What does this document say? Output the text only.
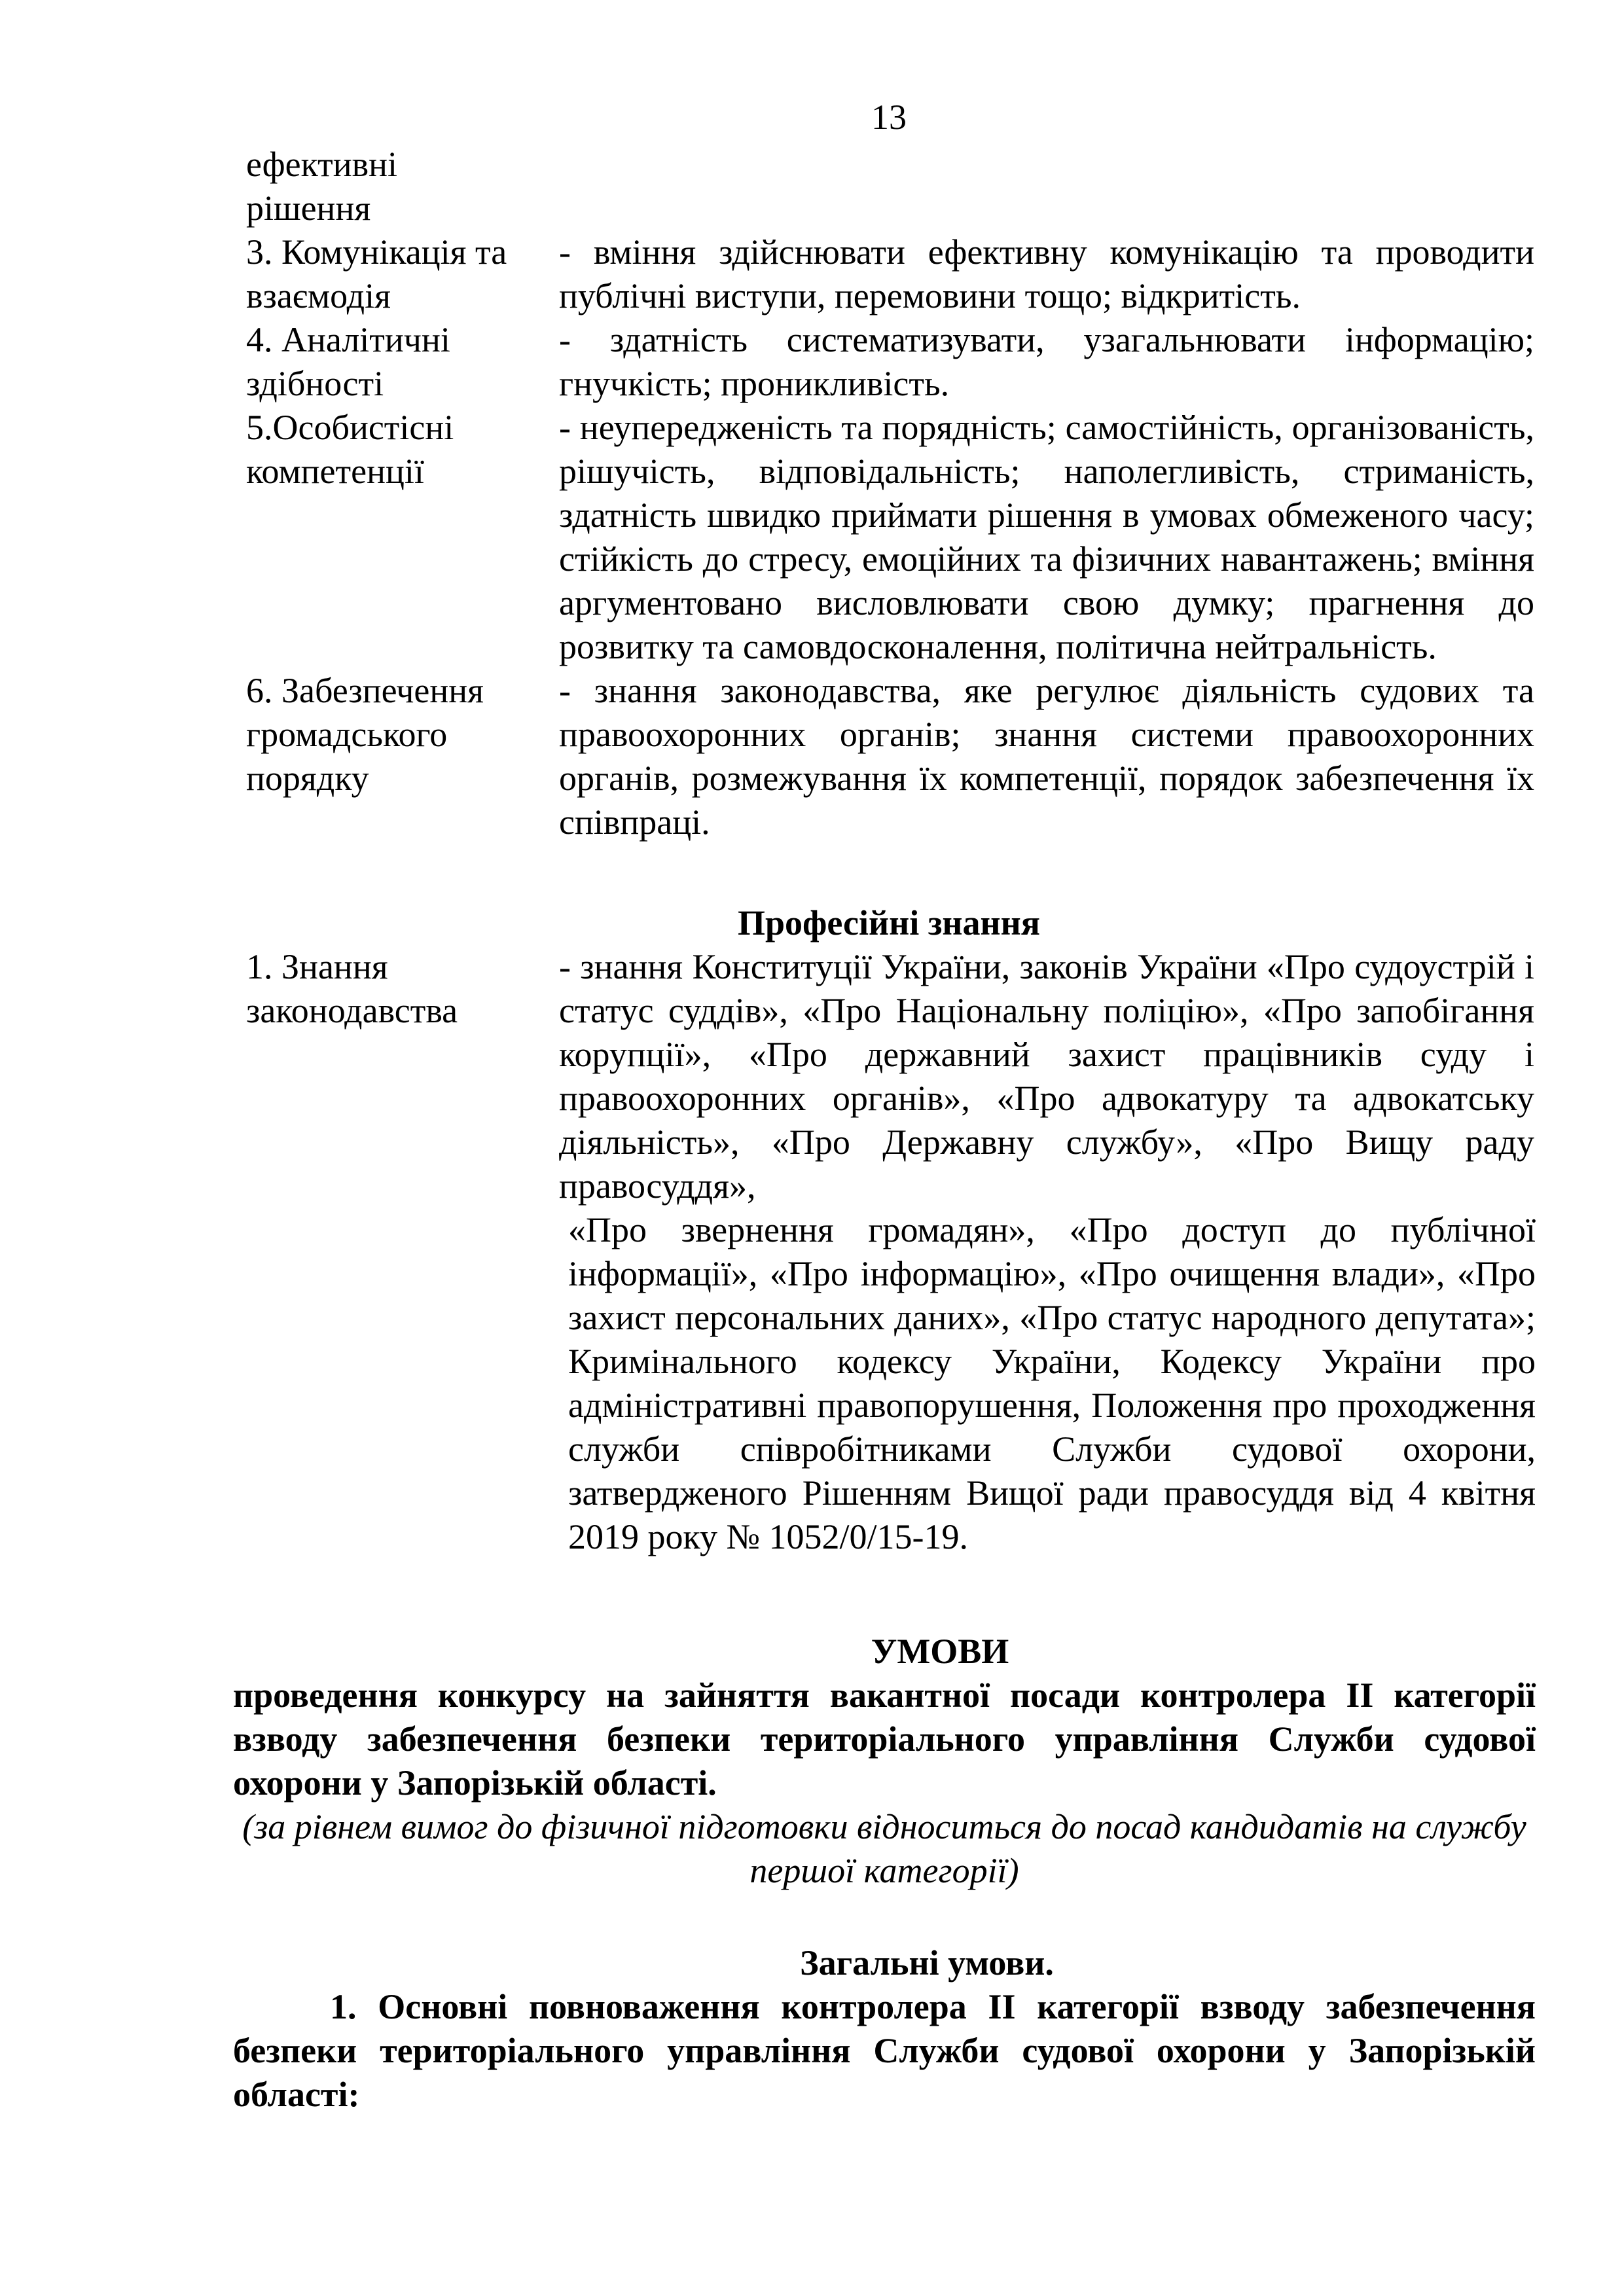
13
ефективні
рішення
3. Комунікація та
взаємодія
- вміння здійснювати ефективну комунікацію та проводити публічні виступи, перемовини тощо; відкритість.
4. Аналітичні
здібності
- здатність систематизувати, узагальнювати інформацію; гнучкість; проникливість.
5.Особистісні
компетенції
- неупередженість та порядність; самостійність, організованість, рішучість, відповідальність; наполегливість, стриманість, здатність швидко приймати рішення в умовах обмеженого часу; стійкість до стресу, емоційних та фізичних навантажень; вміння аргументовано висловлювати свою думку; прагнення до розвитку та самовдосконалення, політична нейтральність.
6. Забезпечення
громадського
порядку
- знання законодавства, яке регулює діяльність судових та правоохоронних органів; знання системи правоохоронних органів, розмежування їх компетенції, порядок забезпечення їх співпраці.
Професійні знання
1. Знання
законодавства
- знання Конституції України, законів України «Про судоустрій і статус суддів», «Про Національну поліцію», «Про запобігання корупції», «Про державний захист працівників суду і правоохоронних органів», «Про адвокатуру та адвокатську діяльність», «Про Державну службу», «Про Вищу раду правосуддя»,
«Про звернення громадян», «Про доступ до публічної інформації», «Про інформацію», «Про очищення влади», «Про захист персональних даних», «Про статус народного депутата»; Кримінального кодексу України, Кодексу України про адміністративні правопорушення, Положення про проходження служби співробітниками Служби судової охорони, затвердженого Рішенням Вищої ради правосуддя від 4 квітня 2019 року № 1052/0/15-19.
УМОВИ
проведення конкурсу на зайняття вакантної посади контролера ІІ категорії взводу забезпечення безпеки територіального управління Служби судової охорони у Запорізькій області.
(за рівнем вимог до фізичної підготовки відноситься до посад кандидатів на службу першої категорії)
Загальні умови.
1. Основні повноваження контролера ІІ категорії взводу забезпечення безпеки територіального управління Служби судової охорони у Запорізькій області:
